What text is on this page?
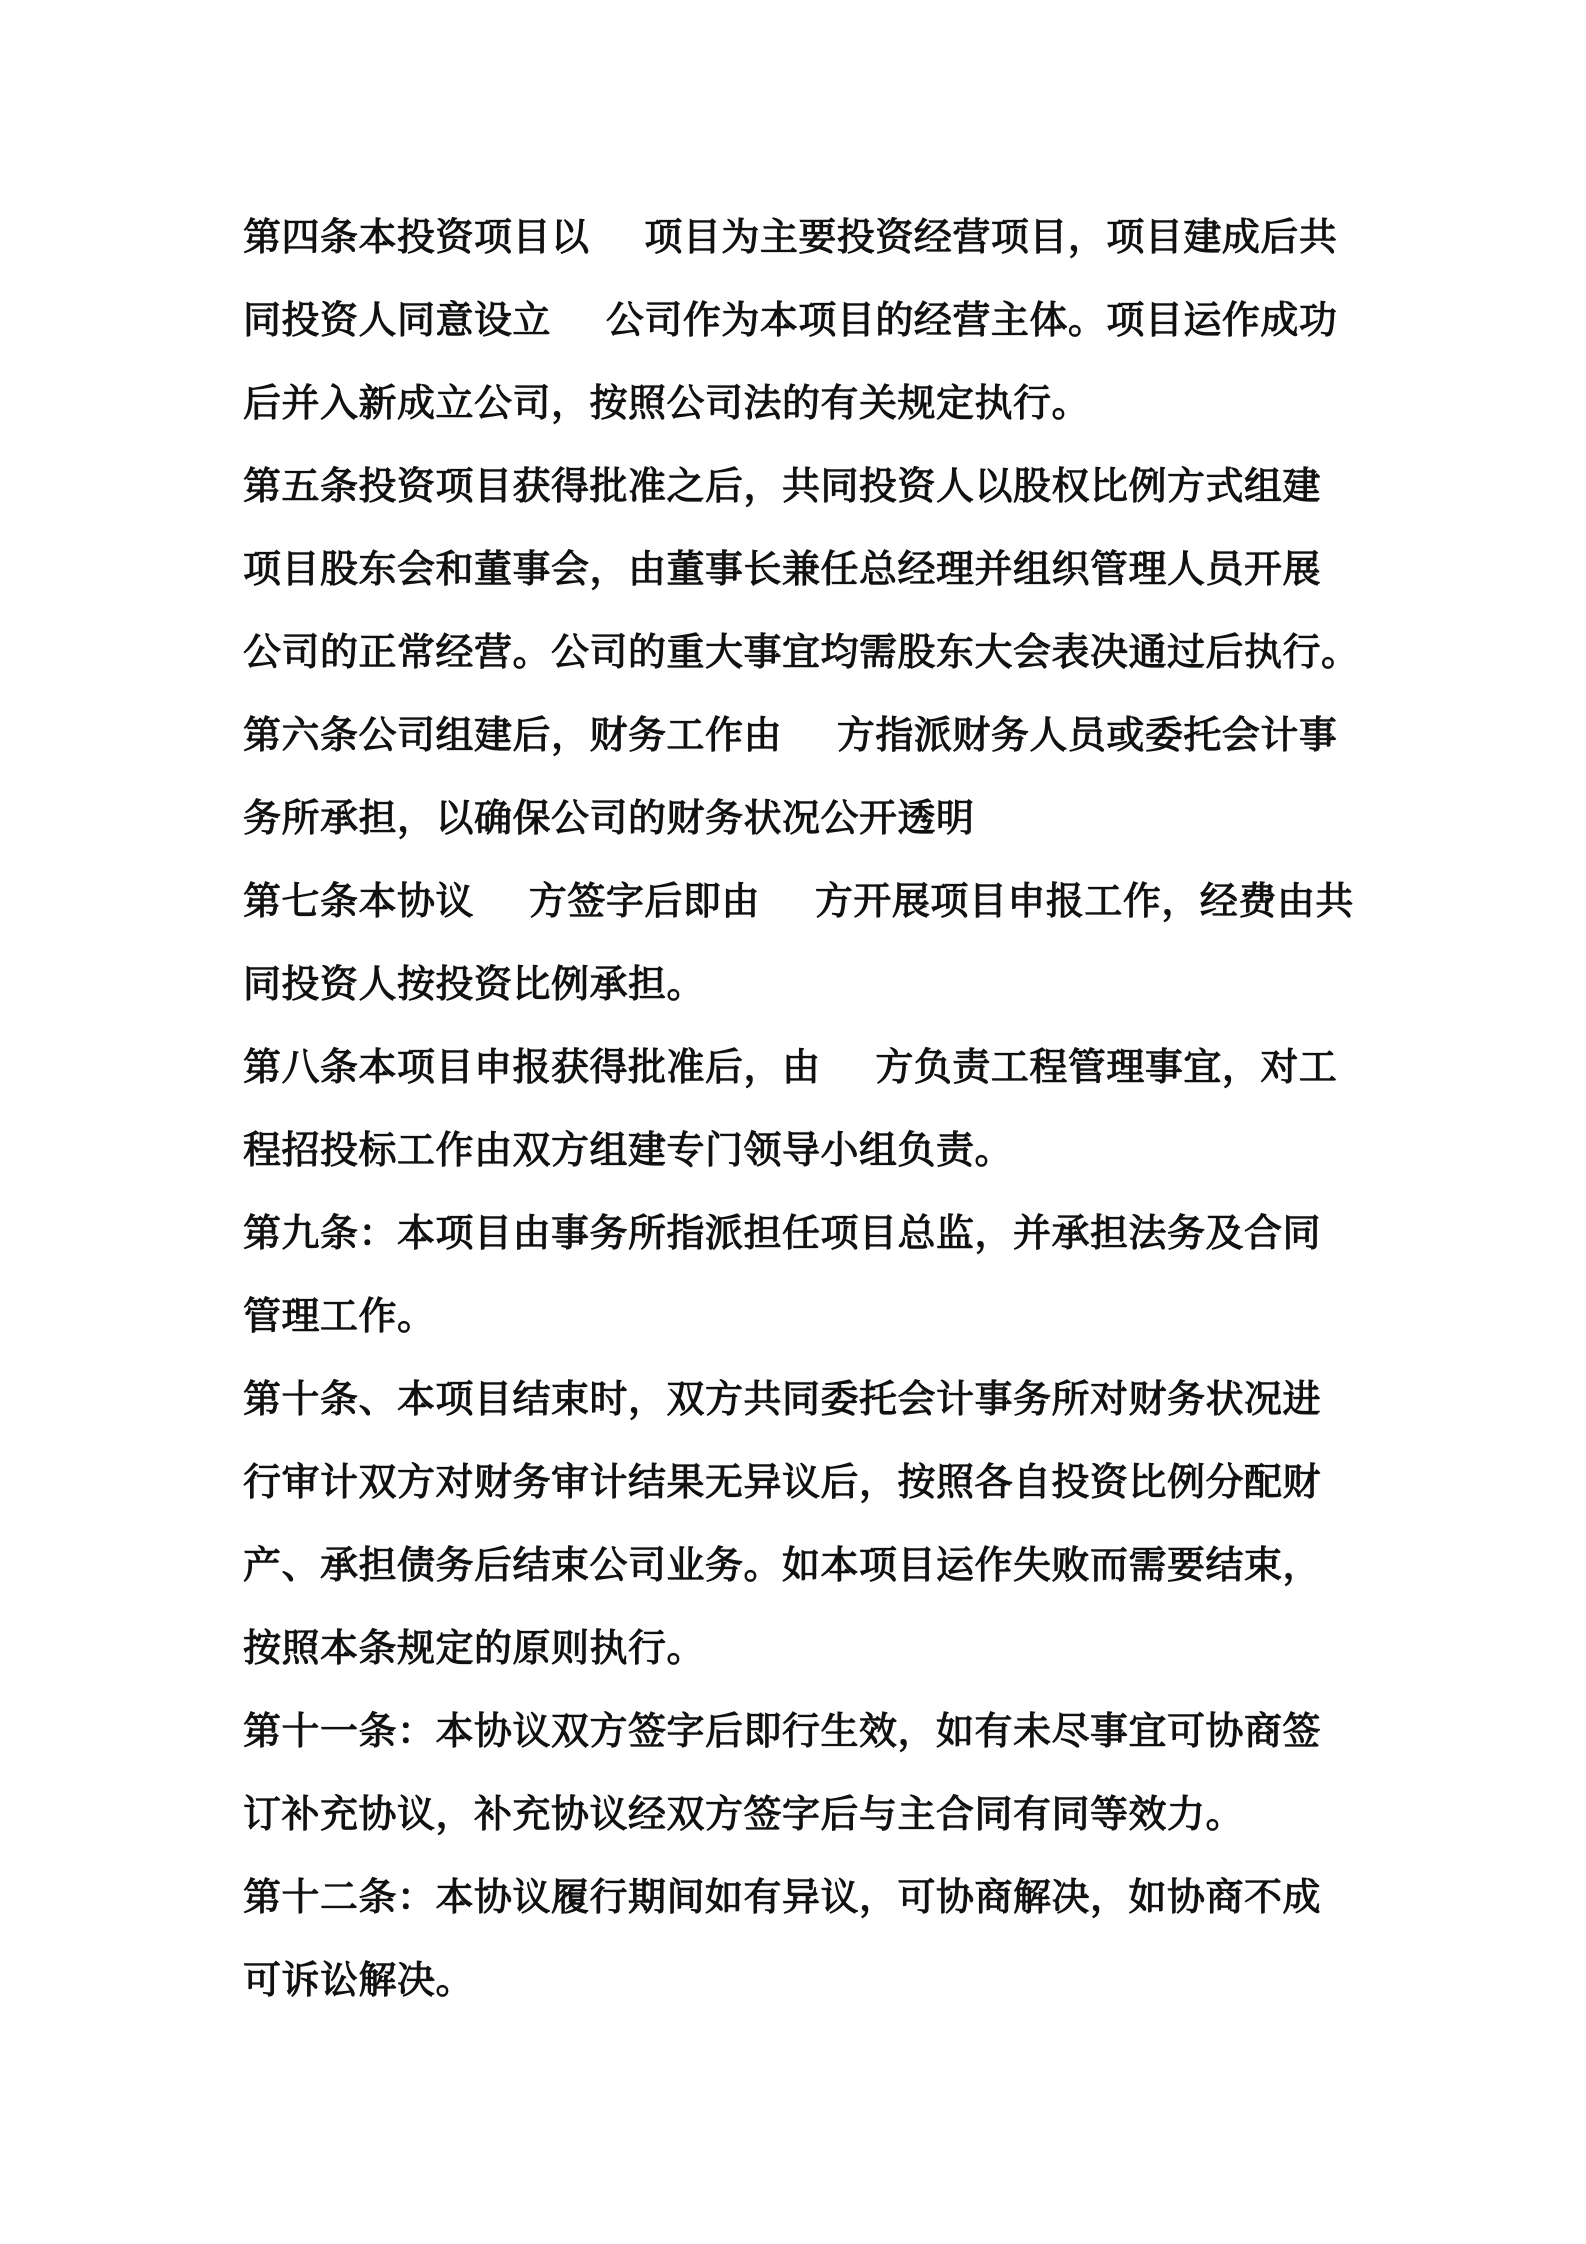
第四条本投资项目以    项目为主要投资经营项目，项目建成后共
同投资人同意设立    公司作为本项目的经营主体。项目运作成功
后并入新成立公司，按照公司法的有关规定执行。

第五条投资项目获得批准之后，共同投资人以股权比例方式组建
项目股东会和董事会，由董事长兼任总经理并组织管理人员开展
公司的正常经营。公司的重大事宜均需股东大会表决通过后执行。

第六条公司组建后，财务工作由    方指派财务人员或委托会计事
务所承担，以确保公司的财务状况公开透明

第七条本协议    方签字后即由    方开展项目申报工作，经费由共
同投资人按投资比例承担。

第八条本项目申报获得批准后，由    方负责工程管理事宜，对工
程招投标工作由双方组建专门领导小组负责。

第九条：本项目由事务所指派担任项目总监，并承担法务及合同
管理工作。

第十条、本项目结束时，双方共同委托会计事务所对财务状况进
行审计双方对财务审计结果无异议后，按照各自投资比例分配财
产、承担债务后结束公司业务。如本项目运作失败而需要结束，
按照本条规定的原则执行。

第十一条：本协议双方签字后即行生效，如有未尽事宜可协商签
订补充协议，补充协议经双方签字后与主合同有同等效力。

第十二条：本协议履行期间如有异议，可协商解决，如协商不成
可诉讼解决。
